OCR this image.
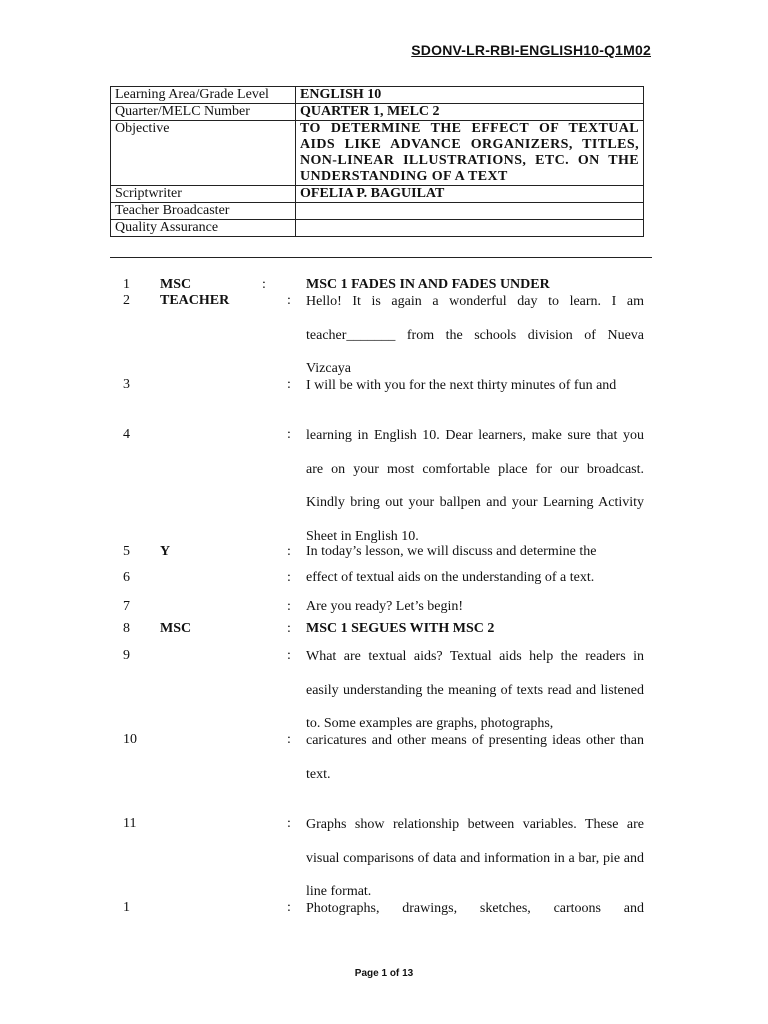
SDONV-LR-RBI-ENGLISH10-Q1M02
Learning Area/Grade Level	ENGLISH 10
Quarter/MELC Number	QUARTER 1, MELC 2
Objective	TO DETERMINE THE EFFECT OF TEXTUAL AIDS LIKE ADVANCE ORGANIZERS, TITLES, NON-LINEAR ILLUSTRATIONS, ETC. ON THE UNDERSTANDING OF A TEXT
Scriptwriter	OFELIA P. BAGUILAT
Teacher Broadcaster	
Quality Assurance	
1 MSC	:	MSC 1 FADES IN AND FADES UNDER
2 TEACHER	: Hello! It is again a wonderful day to learn. I am teacher_______ from the schools division of Nueva Vizcaya
3	: I will be with you for the next thirty minutes of fun and
4	: learning in English 10. Dear learners, make sure that you are on your most comfortable place for our broadcast. Kindly bring out your ballpen and your Learning Activity Sheet in English 10.
5 Y	: In today’s lesson, we will discuss and determine the
6	: effect of textual aids on the understanding of a text.
7	: Are you ready? Let’s begin!
8 MSC	: MSC 1 SEGUES WITH MSC 2
9	: What are textual aids? Textual aids help the readers in easily understanding the meaning of texts read and listened to. Some examples are graphs, photographs,
10	: caricatures and other means of presenting ideas other than text.
11	: Graphs show relationship between variables. These are visual comparisons of data and information in a bar, pie and line format.
1	: Photographs, drawings, sketches, cartoons and
Page 1 of 13
